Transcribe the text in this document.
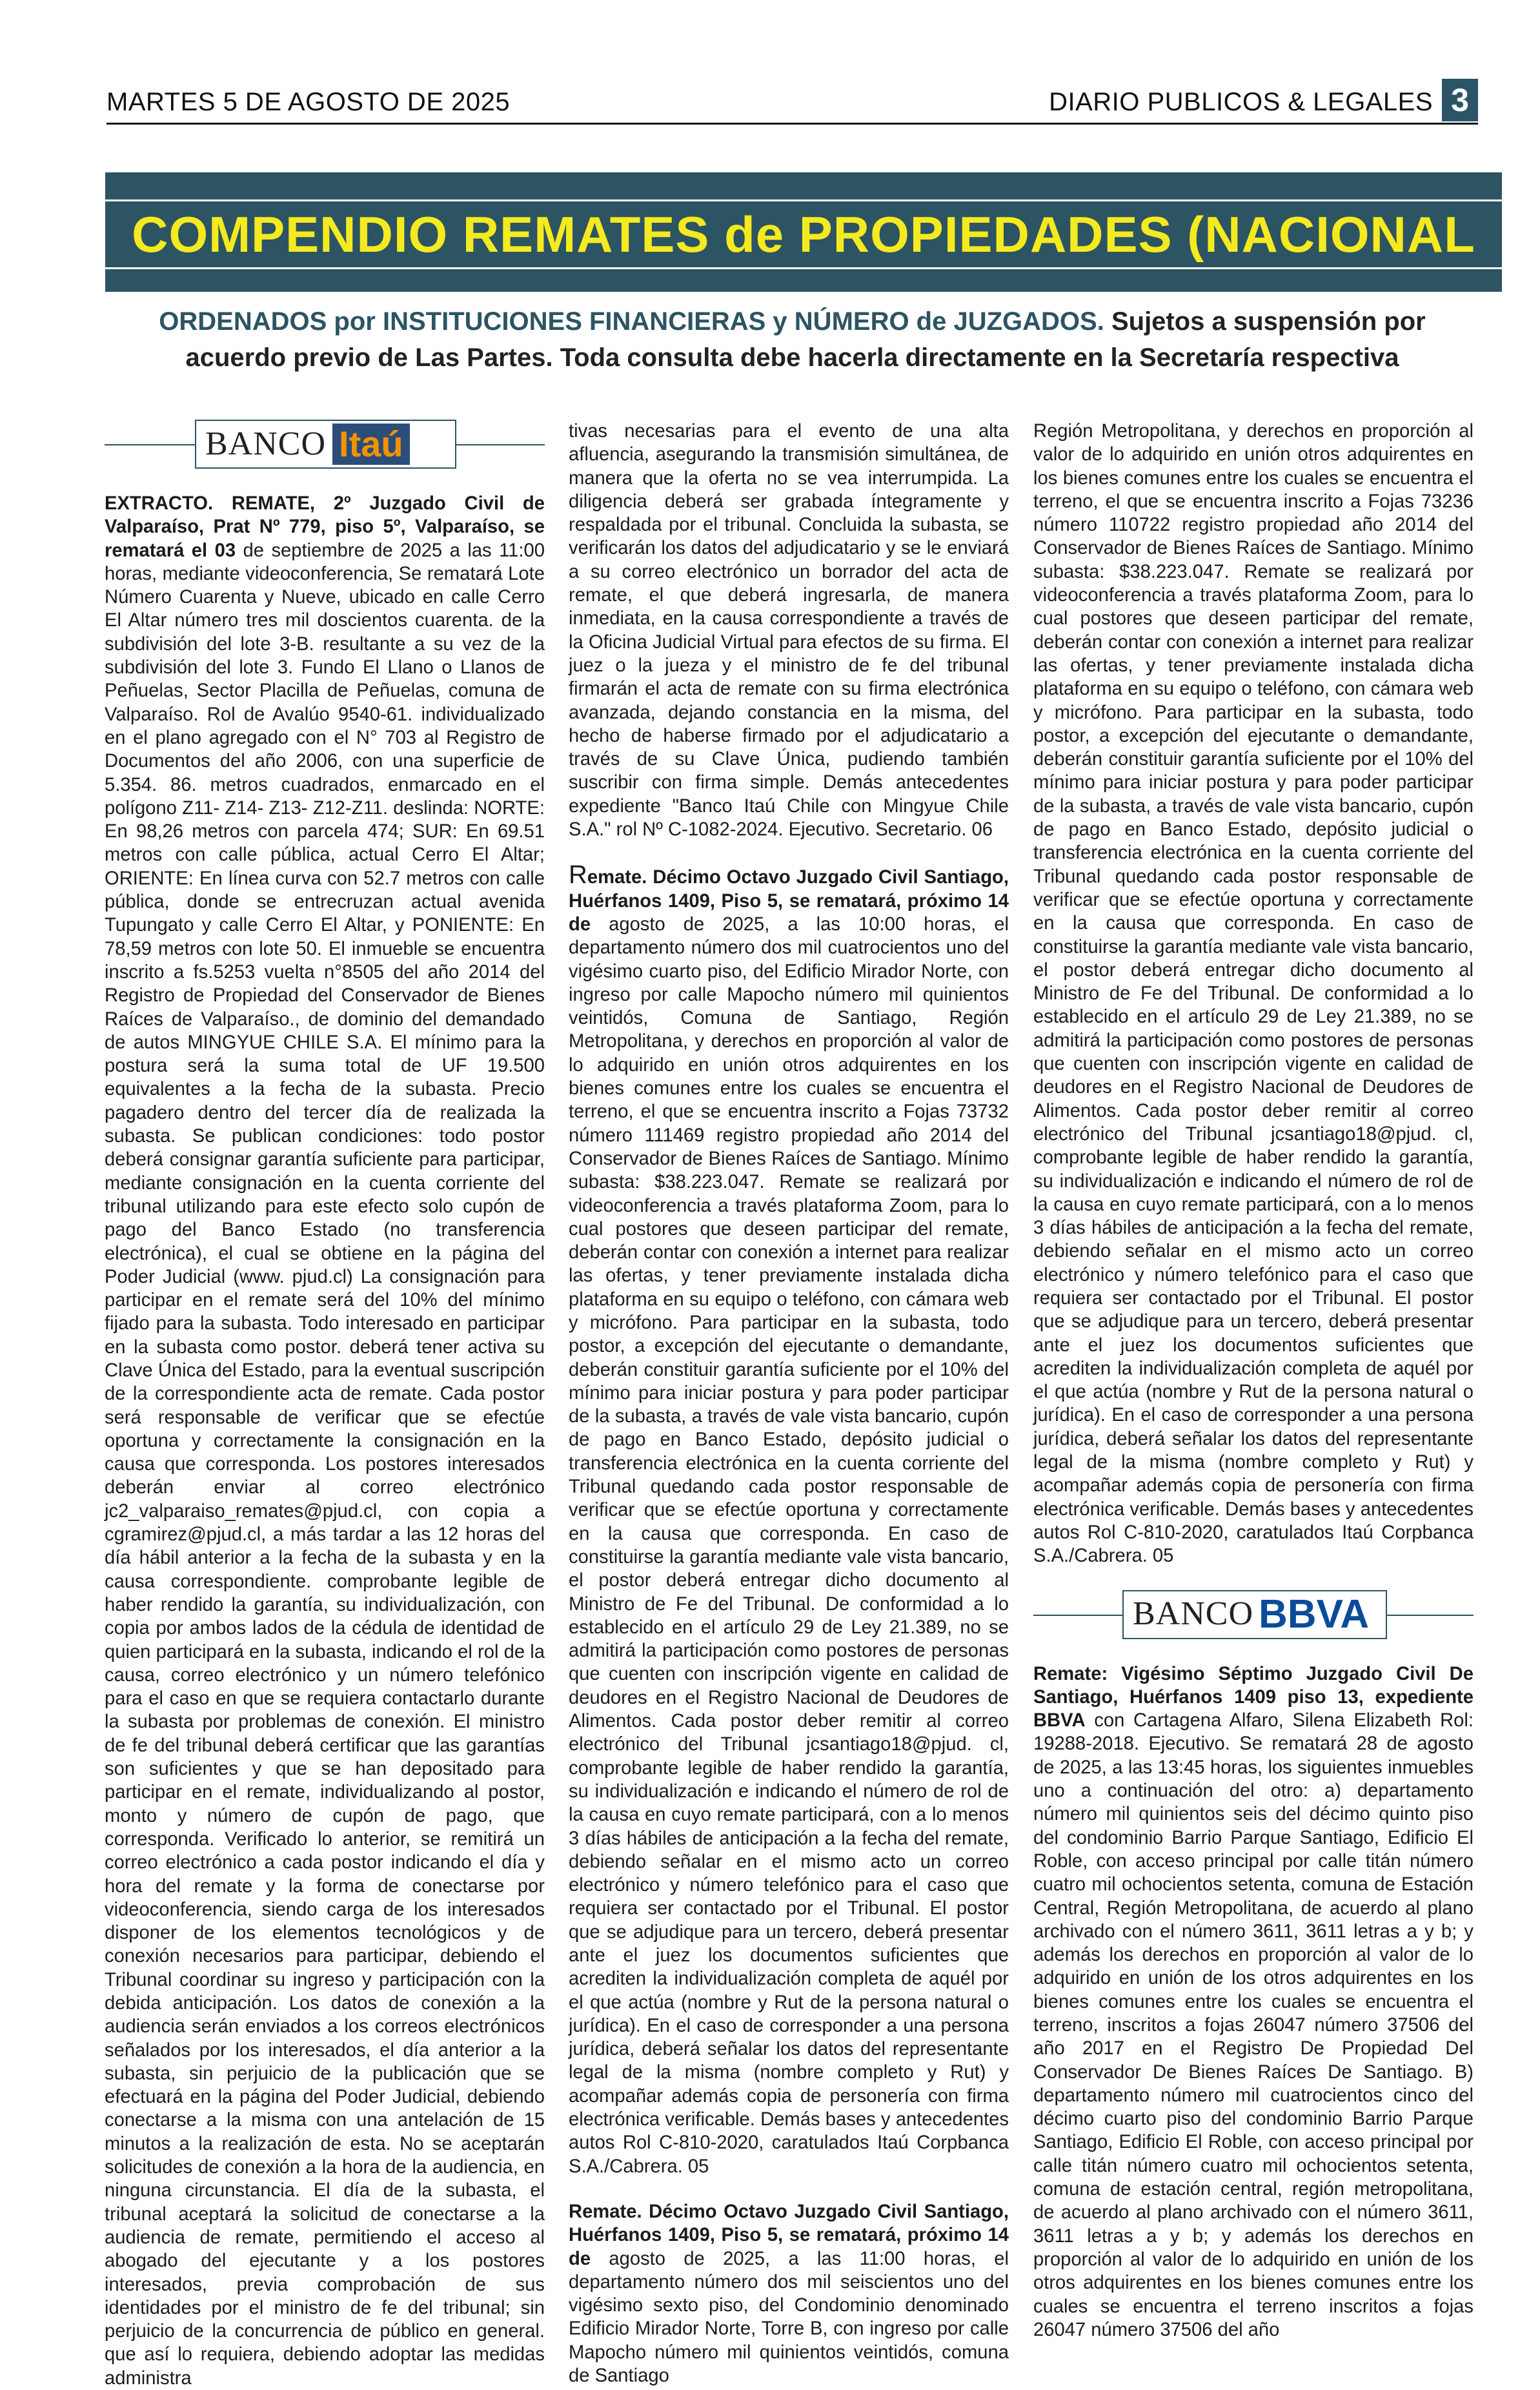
MARTES 5 DE AGOSTO DE 2025	DIARIO PUBLICOS & LEGALES 3
COMPENDIO REMATES de PROPIEDADES (NACIONAL
ORDENADOS por INSTITUCIONES FINANCIERAS y NÚMERO de JUZGADOS. Sujetos a suspensión por acuerdo previo de Las Partes. Toda consulta debe hacerla directamente en la Secretaría respectiva
BANCO Itaú

EXTRACTO. REMATE, 2º Juzgado Civil de Valparaíso, Prat Nº 779, piso 5º, Valparaíso, se rematará el 03 de septiembre de 2025 a las 11:00 horas, mediante videoconferencia, Se rematará Lote Número Cuarenta y Nueve, ubicado en calle Cerro El Altar número tres mil doscientos cuarenta. de la subdivisión del lote 3-B. resultante a su vez de la subdivisión del lote 3. Fundo El Llano o Llanos de Peñuelas, Sector Placilla de Peñuelas, comuna de Valparaíso. Rol de Avalúo 9540-61. individualizado en el plano agregado con el N° 703 al Registro de Documentos del año 2006, con una superficie de 5.354. 86. metros cuadrados, enmarcado en el polígono Z11- Z14- Z13- Z12-Z11. deslinda: NORTE: En 98,26 metros con parcela 474; SUR: En 69.51 metros con calle pública, actual Cerro El Altar; ORIENTE: En línea curva con 52.7 metros con calle pública, donde se entrecruzan actual avenida Tupungato y calle Cerro El Altar, y PONIENTE: En 78,59 metros con lote 50. El inmueble se encuentra inscrito a fs.5253 vuelta n°8505 del año 2014 del Registro de Propiedad del Conservador de Bienes Raíces de Valparaíso., de dominio del demandado de autos MINGYUE CHILE S.A. El mínimo para la postura será la suma total de UF 19.500 equivalentes a la fecha de la subasta. Precio pagadero dentro del tercer día de realizada la subasta. Se publican condiciones: todo postor deberá consignar garantía suficiente para participar, mediante consignación en la cuenta corriente del tribunal utilizando para este efecto solo cupón de pago del Banco Estado (no transferencia electrónica), el cual se obtiene en la página del Poder Judicial (www. pjud.cl) La consignación para participar en el remate será del 10% del mínimo fijado para la subasta. Todo interesado en participar en la subasta como postor. deberá tener activa su Clave Única del Estado, para la eventual suscripción de la correspondiente acta de remate. Cada postor será responsable de verificar que se efectúe oportuna y correctamente la consignación en la causa que corresponda. Los postores interesados deberán enviar al correo electrónico jc2_valparaiso_remates@pjud.cl, con copia a cgramirez@pjud.cl, a más tardar a las 12 horas del día hábil anterior a la fecha de la subasta y en la causa correspondiente. comprobante legible de haber rendido la garantía, su individualización, con copia por ambos lados de la cédula de identidad de quien participará en la subasta, indicando el rol de la causa, correo electrónico y un número telefónico para el caso en que se requiera contactarlo durante la subasta por problemas de conexión. El ministro de fe del tribunal deberá certificar que las garantías son suficientes y que se han depositado para participar en el remate, individualizando al postor, monto y número de cupón de pago, que corresponda. Verificado lo anterior, se remitirá un correo electrónico a cada postor indicando el día y hora del remate y la forma de conectarse por videoconferencia, siendo carga de los interesados disponer de los elementos tecnológicos y de conexión necesarios para participar, debiendo el Tribunal coordinar su ingreso y participación con la debida anticipación. Los datos de conexión a la audiencia serán enviados a los correos electrónicos señalados por los interesados, el día anterior a la subasta, sin perjuicio de la publicación que se efectuará en la página del Poder Judicial, debiendo conectarse a la misma con una antelación de 15 minutos a la realización de esta. No se aceptarán solicitudes de conexión a la hora de la audiencia, en ninguna circunstancia. El día de la subasta, el tribunal aceptará la solicitud de conectarse a la audiencia de remate, permitiendo el acceso al abogado del ejecutante y a los postores interesados, previa comprobación de sus identidades por el ministro de fe del tribunal; sin perjuicio de la concurrencia de público en general. que así lo requiera, debiendo adoptar las medidas administra

tivas necesarias para el evento de una alta afluencia, asegurando la transmisión simultánea, de manera que la oferta no se vea interrumpida. La diligencia deberá ser grabada íntegramente y respaldada por el tribunal. Concluida la subasta, se verificarán los datos del adjudicatario y se le enviará a su correo electrónico un borrador del acta de remate, el que deberá ingresarla, de manera inmediata, en la causa correspondiente a través de la Oficina Judicial Virtual para efectos de su firma. El juez o la jueza y el ministro de fe del tribunal firmarán el acta de remate con su firma electrónica avanzada, dejando constancia en la misma, del hecho de haberse firmado por el adjudicatario a través de su Clave Única, pudiendo también suscribir con firma simple. Demás antecedentes expediente "Banco Itaú Chile con Mingyue Chile S.A." rol Nº C-1082-2024. Ejecutivo. Secretario. 06

Remate. Décimo Octavo Juzgado Civil Santiago, Huérfanos 1409, Piso 5, se rematará, próximo 14 de agosto de 2025, a las 10:00 horas, el departamento número dos mil cuatrocientos uno del vigésimo cuarto piso, del Edificio Mirador Norte, con ingreso por calle Mapocho número mil quinientos veintidós, Comuna de Santiago, Región Metropolitana, y derechos en proporción al valor de lo adquirido en unión otros adquirentes en los bienes comunes entre los cuales se encuentra el terreno, el que se encuentra inscrito a Fojas 73732 número 111469 registro propiedad año 2014 del Conservador de Bienes Raíces de Santiago. Mínimo subasta: $38.223.047. Remate se realizará por videoconferencia a través plataforma Zoom, para lo cual postores que deseen participar del remate, deberán contar con conexión a internet para realizar las ofertas, y tener previamente instalada dicha plataforma en su equipo o teléfono, con cámara web y micrófono. Para participar en la subasta, todo postor, a excepción del ejecutante o demandante, deberán constituir garantía suficiente por el 10% del mínimo para iniciar postura y para poder participar de la subasta, a través de vale vista bancario, cupón de pago en Banco Estado, depósito judicial o transferencia electrónica en la cuenta corriente del Tribunal quedando cada postor responsable de verificar que se efectúe oportuna y correctamente en la causa que corresponda. En caso de constituirse la garantía mediante vale vista bancario, el postor deberá entregar dicho documento al Ministro de Fe del Tribunal. De conformidad a lo establecido en el artículo 29 de Ley 21.389, no se admitirá la participación como postores de personas que cuenten con inscripción vigente en calidad de deudores en el Registro Nacional de Deudores de Alimentos. Cada postor deber remitir al correo electrónico del Tribunal jcsantiago18@pjud. cl, comprobante legible de haber rendido la garantía, su individualización e indicando el número de rol de la causa en cuyo remate participará, con a lo menos 3 días hábiles de anticipación a la fecha del remate, debiendo señalar en el mismo acto un correo electrónico y número telefónico para el caso que requiera ser contactado por el Tribunal. El postor que se adjudique para un tercero, deberá presentar ante el juez los documentos suficientes que acrediten la individualización completa de aquél por el que actúa (nombre y Rut de la persona natural o jurídica). En el caso de corresponder a una persona jurídica, deberá señalar los datos del representante legal de la misma (nombre completo y Rut) y acompañar además copia de personería con firma electrónica verificable. Demás bases y antecedentes autos Rol C-810-2020, caratulados Itaú Corpbanca S.A./Cabrera. 05

Remate. Décimo Octavo Juzgado Civil Santiago, Huérfanos 1409, Piso 5, se rematará, próximo 14 de agosto de 2025, a las 11:00 horas, el departamento número dos mil seiscientos uno del vigésimo sexto piso, del Condominio denominado Edificio Mirador Norte, Torre B, con ingreso por calle Mapocho número mil quinientos veintidós, comuna de Santiago

Región Metropolitana, y derechos en proporción al valor de lo adquirido en unión otros adquirentes en los bienes comunes entre los cuales se encuentra el terreno, el que se encuentra inscrito a Fojas 73236 número 110722 registro propiedad año 2014 del Conservador de Bienes Raíces de Santiago. Mínimo subasta: $38.223.047. Remate se realizará por videoconferencia a través plataforma Zoom, para lo cual postores que deseen participar del remate, deberán contar con conexión a internet para realizar las ofertas, y tener previamente instalada dicha plataforma en su equipo o teléfono, con cámara web y micrófono. Para participar en la subasta, todo postor, a excepción del ejecutante o demandante, deberán constituir garantía suficiente por el 10% del mínimo para iniciar postura y para poder participar de la subasta, a través de vale vista bancario, cupón de pago en Banco Estado, depósito judicial o transferencia electrónica en la cuenta corriente del Tribunal quedando cada postor responsable de verificar que se efectúe oportuna y correctamente en la causa que corresponda. En caso de constituirse la garantía mediante vale vista bancario, el postor deberá entregar dicho documento al Ministro de Fe del Tribunal. De conformidad a lo establecido en el artículo 29 de Ley 21.389, no se admitirá la participación como postores de personas que cuenten con inscripción vigente en calidad de deudores en el Registro Nacional de Deudores de Alimentos. Cada postor deber remitir al correo electrónico del Tribunal jcsantiago18@pjud. cl, comprobante legible de haber rendido la garantía, su individualización e indicando el número de rol de la causa en cuyo remate participará, con a lo menos 3 días hábiles de anticipación a la fecha del remate, debiendo señalar en el mismo acto un correo electrónico y número telefónico para el caso que requiera ser contactado por el Tribunal. El postor que se adjudique para un tercero, deberá presentar ante el juez los documentos suficientes que acrediten la individualización completa de aquél por el que actúa (nombre y Rut de la persona natural o jurídica). En el caso de corresponder a una persona jurídica, deberá señalar los datos del representante legal de la misma (nombre completo y Rut) y acompañar además copia de personería con firma electrónica verificable. Demás bases y antecedentes autos Rol C-810-2020, caratulados Itaú Corpbanca S.A./Cabrera. 05

BANCO BBVA

Remate: Vigésimo Séptimo Juzgado Civil De Santiago, Huérfanos 1409 piso 13, expediente BBVA con Cartagena Alfaro, Silena Elizabeth Rol: 19288-2018. Ejecutivo. Se rematará 28 de agosto de 2025, a las 13:45 horas, los siguientes inmuebles uno a continuación del otro: a) departamento número mil quinientos seis del décimo quinto piso del condominio Barrio Parque Santiago, Edificio El Roble, con acceso principal por calle titán número cuatro mil ochocientos setenta, comuna de Estación Central, Región Metropolitana, de acuerdo al plano archivado con el número 3611, 3611 letras a y b; y además los derechos en proporción al valor de lo adquirido en unión de los otros adquirentes en los bienes comunes entre los cuales se encuentra el terreno, inscritos a fojas 26047 número 37506 del año 2017 en el Registro De Propiedad Del Conservador De Bienes Raíces De Santiago. B) departamento número mil cuatrocientos cinco del décimo cuarto piso del condominio Barrio Parque Santiago, Edificio El Roble, con acceso principal por calle titán número cuatro mil ochocientos setenta, comuna de estación central, región metropolitana, de acuerdo al plano archivado con el número 3611, 3611 letras a y b; y además los derechos en proporción al valor de lo adquirido en unión de los otros adquirentes en los bienes comunes entre los cuales se encuentra el terreno inscritos a fojas 26047 número 37506 del año
